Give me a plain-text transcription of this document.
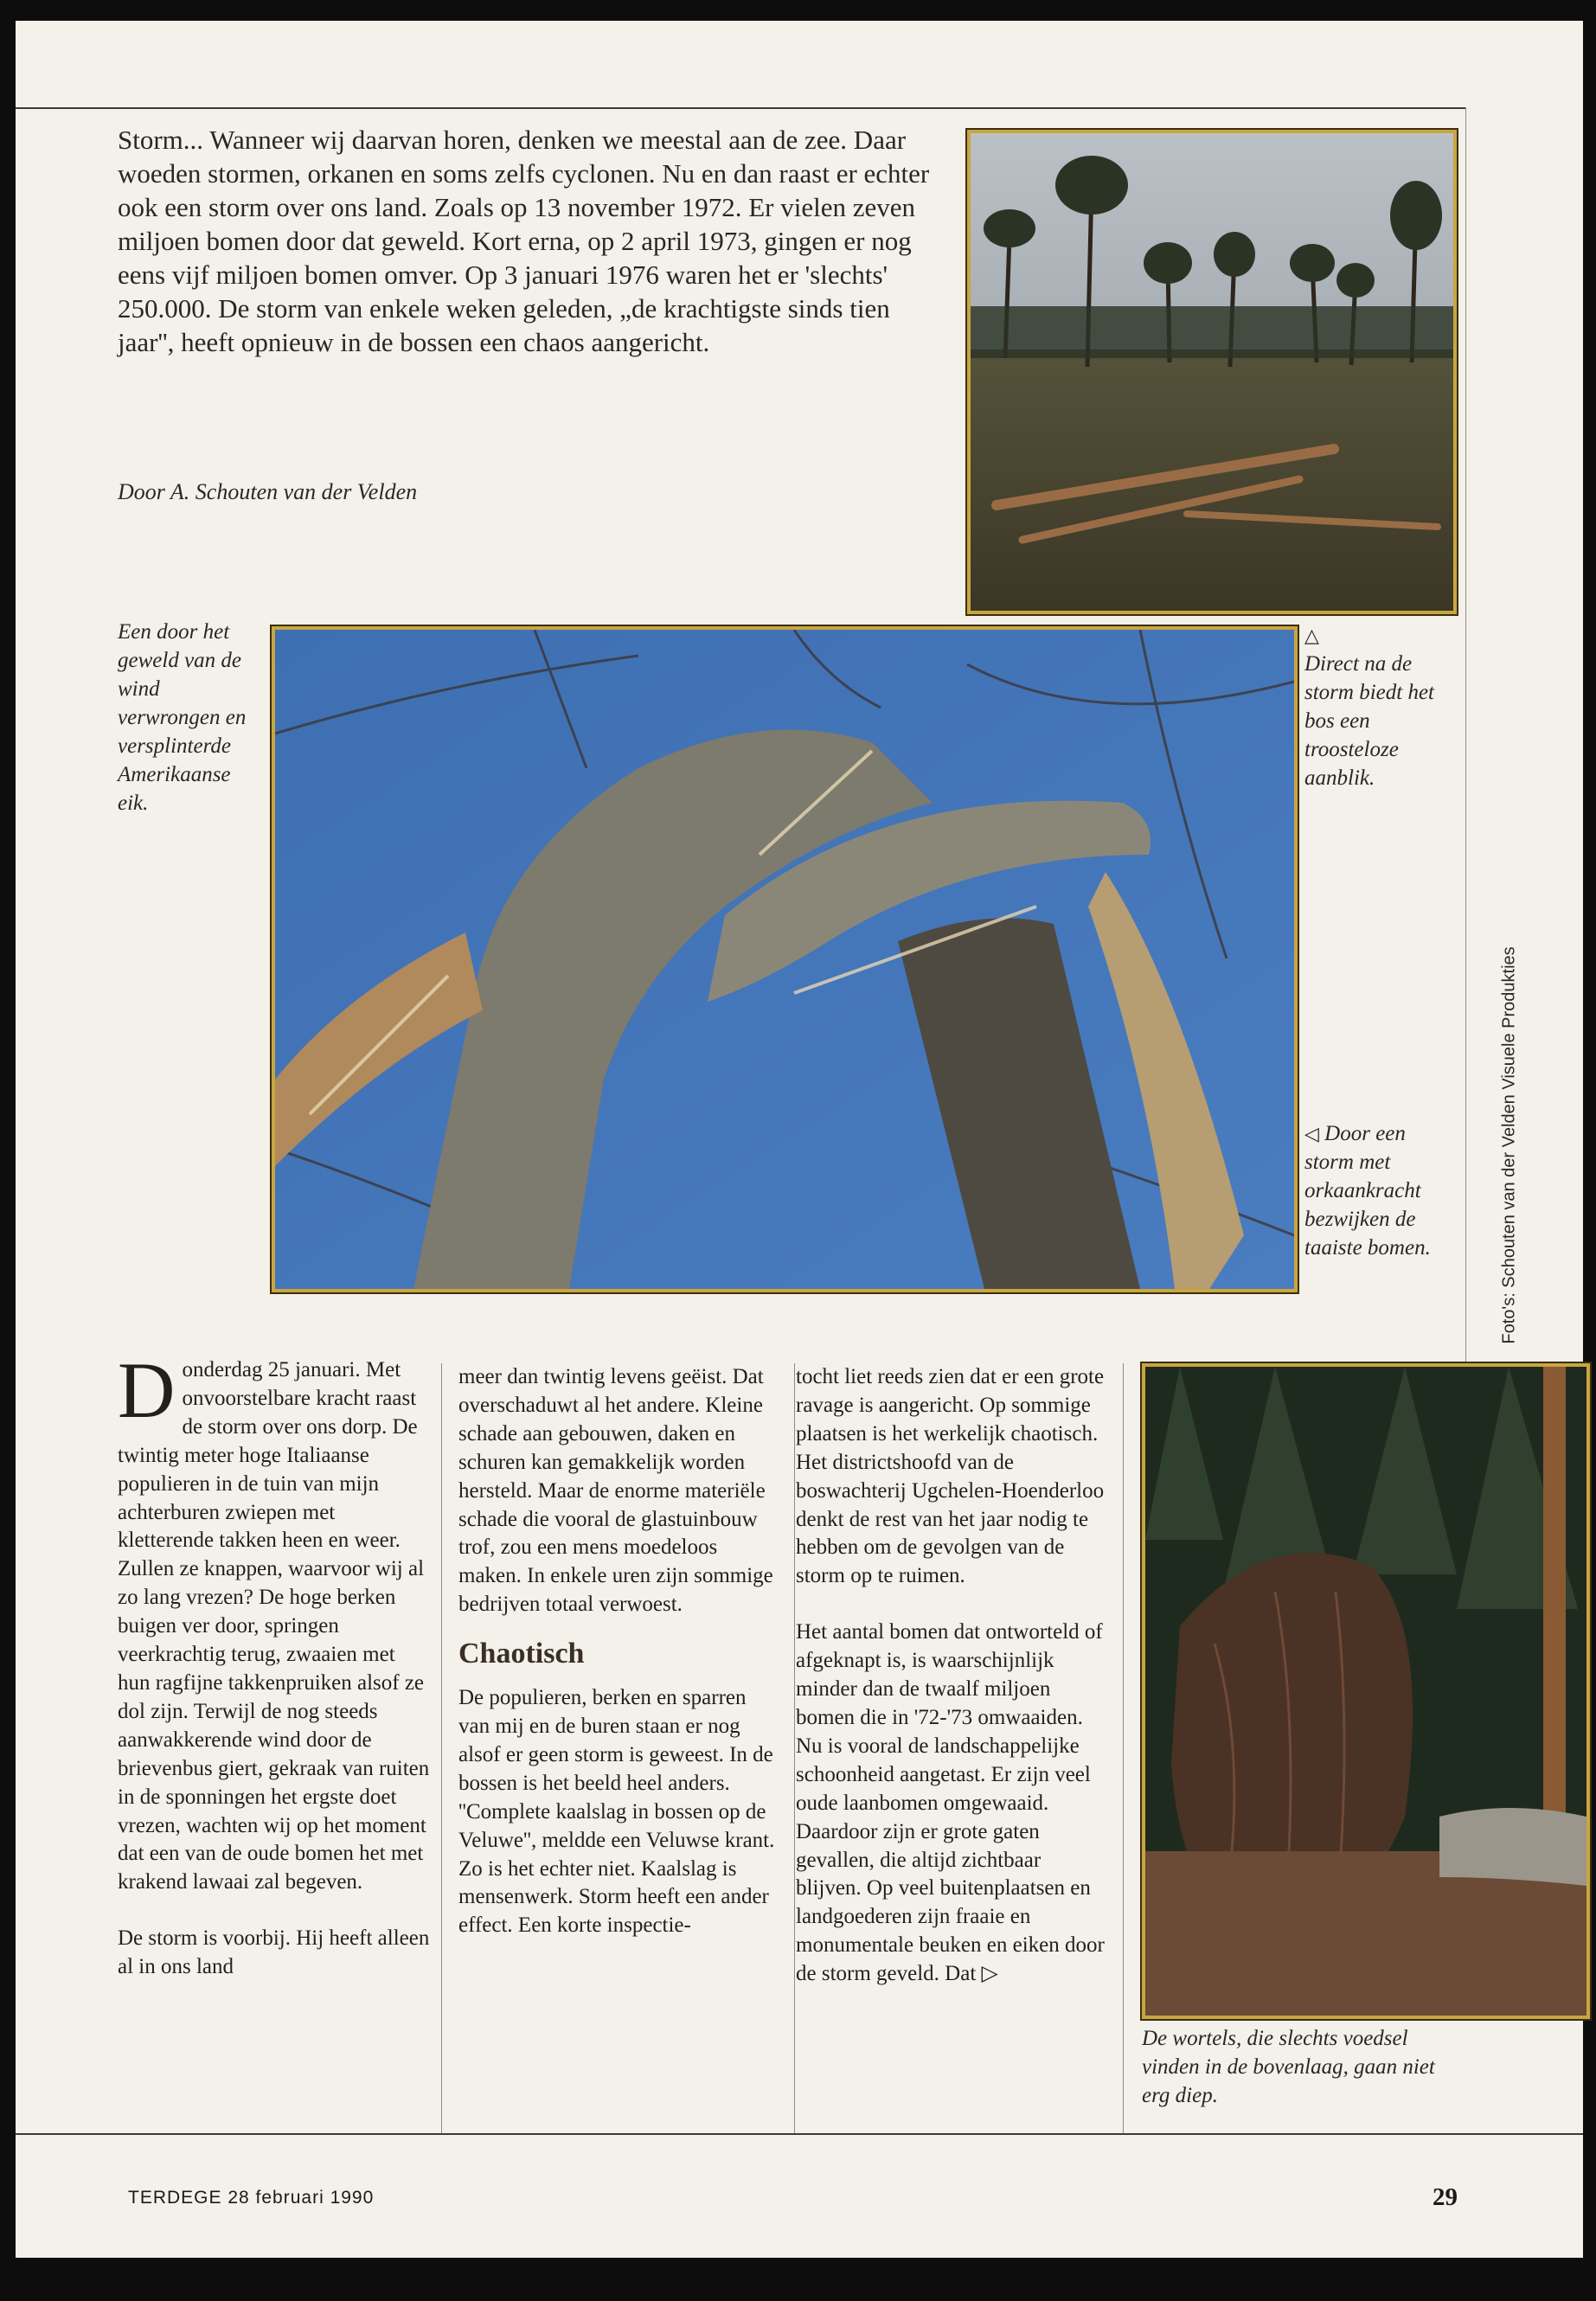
Storm... Wanneer wij daarvan horen, denken we meestal aan de zee. Daar woeden stormen, orkanen en soms zelfs cyclonen. Nu en dan raast er echter ook een storm over ons land. Zoals op 13 november 1972. Er vielen zeven miljoen bomen door dat geweld. Kort erna, op 2 april 1973, gingen er nog eens vijf miljoen bomen omver. Op 3 januari 1976 waren het er 'slechts' 250.000. De storm van enkele weken geleden, „de krachtigste sinds tien jaar'', heeft opnieuw in de bossen een chaos aangericht.

Door A. Schouten van der Velden

Een door het geweld van de wind verwrongen en versplinterde Amerikaanse eik.

△
Direct na de storm biedt het bos een troosteloze aanblik.

◁ Door een storm met orkaankracht bezwijken de taaiste bomen.	Foto's: Schouten van der Velden Visuele Produkties

Donderdag 25 januari. Met onvoorstelbare kracht raast de storm over ons dorp. De twintig meter hoge Italiaanse populieren in de tuin van mijn achterburen zwiepen met kletterende takken heen en weer. Zullen ze knappen, waarvoor wij al zo lang vrezen? De hoge berken buigen ver door, springen veerkrachtig terug, zwaaien met hun ragfijne takkenpruiken alsof ze dol zijn. Terwijl de nog steeds aanwakkerende wind door de brievenbus giert, gekraak van ruiten in de sponningen het ergste doet vrezen, wachten wij op het moment dat een van de oude bomen het met krakend lawaai zal begeven.

De storm is voorbij. Hij heeft alleen al in ons land

meer dan twintig levens geëist. Dat overschaduwt al het andere. Kleine schade aan gebouwen, daken en schuren kan gemakkelijk worden hersteld. Maar de enorme materiële schade die vooral de glastuinbouw trof, zou een mens moedeloos maken. In enkele uren zijn sommige bedrijven totaal verwoest.

Chaotisch

De populieren, berken en sparren van mij en de buren staan er nog alsof er geen storm is geweest. In de bossen is het beeld heel anders. ''Complete kaalslag in bossen op de Veluwe'', meldde een Veluwse krant. Zo is het echter niet. Kaalslag is mensenwerk. Storm heeft een ander effect. Een korte inspectie-

tocht liet reeds zien dat er een grote ravage is aangericht. Op sommige plaatsen is het werkelijk chaotisch. Het districtshoofd van de boswachterij Ugchelen-Hoenderloo denkt de rest van het jaar nodig te hebben om de gevolgen van de storm op te ruimen.

Het aantal bomen dat ontworteld of afgeknapt is, is waarschijnlijk minder dan de twaalf miljoen bomen die in '72-'73 omwaaiden. Nu is vooral de landschappelijke schoonheid aangetast. Er zijn veel oude laanbomen omgewaaid. Daardoor zijn er grote gaten gevallen, die altijd zichtbaar blijven. Op veel buitenplaatsen en landgoederen zijn fraaie en monumentale beuken en eiken door de storm geveld. Dat ▷

De wortels, die slechts voedsel vinden in de bovenlaag, gaan niet erg diep.

TERDEGE 28 februari 1990	29
